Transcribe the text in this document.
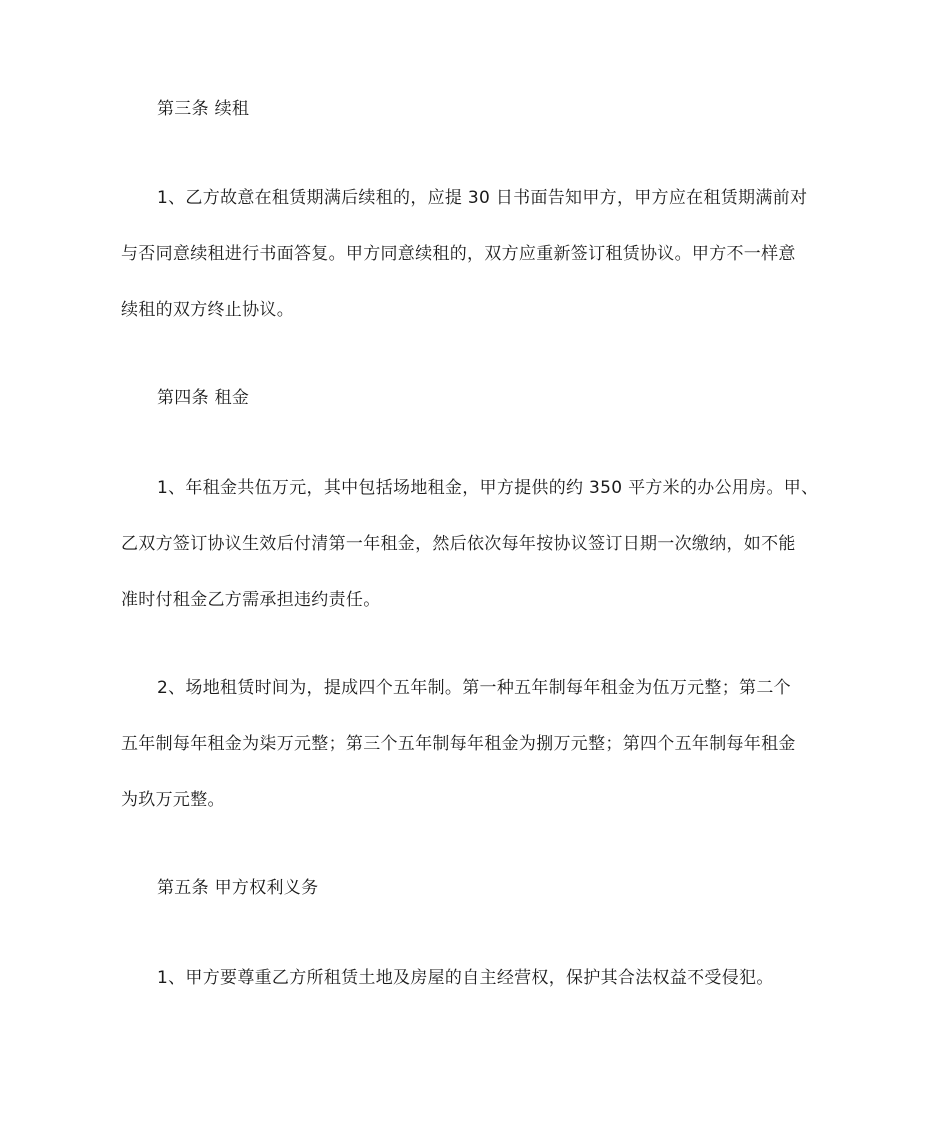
第三条 续租
1、乙方故意在租赁期满后续租的，应提 30 日书面告知甲方，甲方应在租赁期满前对
与否同意续租进行书面答复。甲方同意续租的，双方应重新签订租赁协议。甲方不一样意
续租的双方终止协议。
第四条 租金
1、年租金共伍万元，其中包括场地租金，甲方提供的约 350 平方米的办公用房。甲、
乙双方签订协议生效后付清第一年租金，然后依次每年按协议签订日期一次缴纳，如不能
准时付租金乙方需承担违约责任。
2、场地租赁时间为，提成四个五年制。第一种五年制每年租金为伍万元整；第二个
五年制每年租金为柒万元整；第三个五年制每年租金为捌万元整；第四个五年制每年租金
为玖万元整。
第五条 甲方权利义务
1、甲方要尊重乙方所租赁土地及房屋的自主经营权，保护其合法权益不受侵犯。
